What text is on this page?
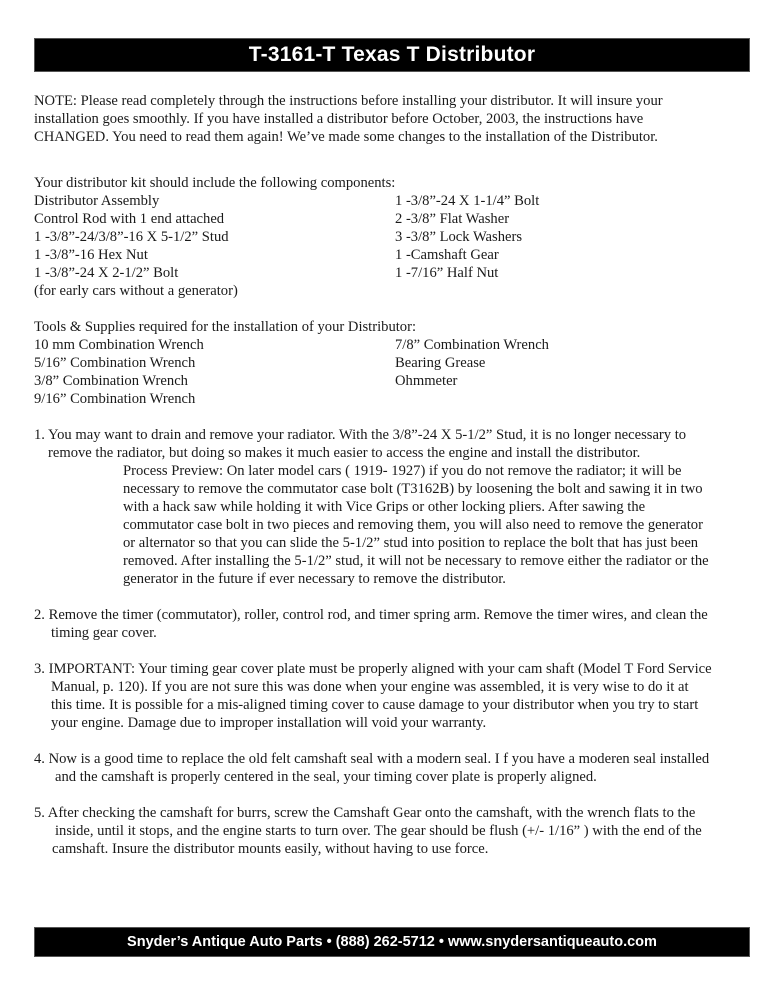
T-3161-T Texas T Distributor
NOTE: Please read completely through the instructions before installing your distributor. It will insure your
installation goes smoothly. If you have installed a distributor before October, 2003, the instructions have
CHANGED. You need to read them again! We’ve made some changes to the installation of the Distributor.
Your distributor kit should include the following components:
Distributor Assembly
Control Rod with 1 end attached
1 -3/8”-24/3/8”-16 X 5-1/2” Stud
1 -3/8”-16 Hex Nut
1 -3/8”-24 X 2-1/2” Bolt
(for early cars without a generator)
1 -3/8”-24 X 1-1/4” Bolt
2 -3/8” Flat Washer
3 -3/8” Lock Washers
1 -Camshaft Gear
1 -7/16” Half Nut
Tools & Supplies required for the installation of your Distributor:
10 mm Combination Wrench
5/16” Combination Wrench
3/8” Combination Wrench
9/16” Combination Wrench
7/8” Combination Wrench
Bearing Grease
Ohmmeter
1. You may want to drain and remove your radiator. With the 3/8”-24 X 5-1/2” Stud, it is no longer necessary to
remove the radiator, but doing so makes it much easier to access the engine and install the distributor.
Process Preview: On later model cars ( 1919- 1927) if you do not remove the radiator; it will be
necessary to remove the commutator case bolt (T3162B) by loosening the bolt and sawing it in two
with a hack saw while holding it with Vice Grips or other locking pliers. After sawing the
commutator case bolt in two pieces and removing them, you will also need to remove the generator
or alternator so that you can slide the 5-1/2” stud into position to replace the bolt that has just been
removed. After installing the 5-1/2” stud, it will not be necessary to remove either the radiator or the
generator in the future if ever necessary to remove the distributor.
2. Remove the timer (commutator), roller, control rod, and timer spring arm. Remove the timer wires, and clean the
timing gear cover.
3. IMPORTANT: Your timing gear cover plate must be properly aligned with your cam shaft (Model T Ford Service
Manual, p. 120). If you are not sure this was done when your engine was assembled, it is very wise to do it at
this time. It is possible for a mis-aligned timing cover to cause damage to your distributor when you try to start
your engine. Damage due to improper installation will void your warranty.
4. Now is a good time to replace the old felt camshaft seal with a modern seal. I f you have a moderen seal installed
and the camshaft is properly centered in the seal, your timing cover plate is properly aligned.
5. After checking the camshaft for burrs, screw the Camshaft Gear onto the camshaft, with the wrench flats to the
inside, until it stops, and the engine starts to turn over. The gear should be flush (+/- 1/16” ) with the end of the
camshaft. Insure the distributor mounts easily, without having to use force.
Snyder’s Antique Auto Parts • (888) 262-5712 • www.snydersantiqueauto.com
